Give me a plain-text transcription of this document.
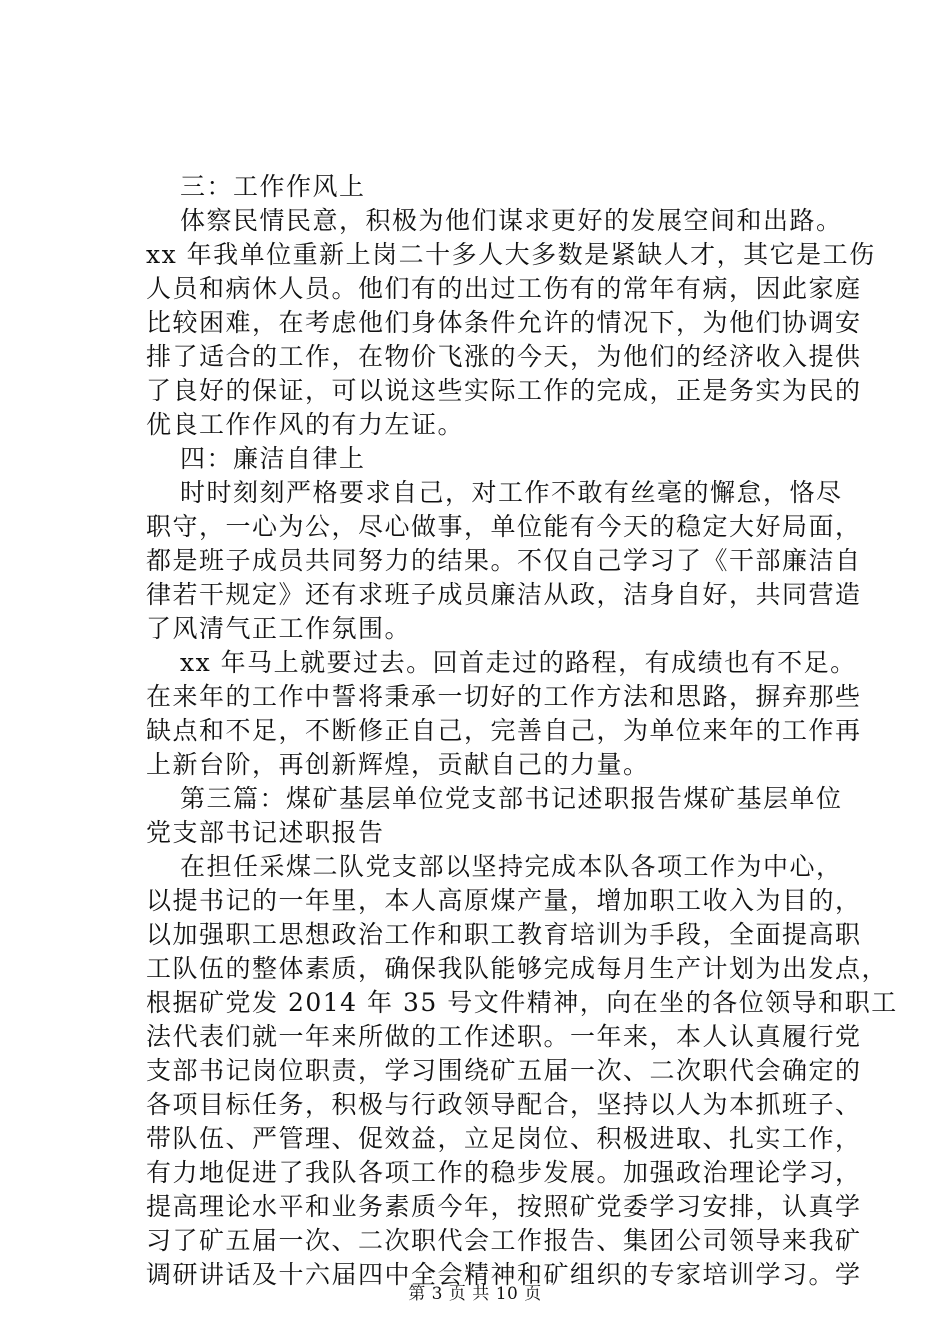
三：工作作风上
体察民情民意，积极为他们谋求更好的发展空间和出路。
xx 年我单位重新上岗二十多人大多数是紧缺人才，其它是工伤
人员和病休人员。他们有的出过工伤有的常年有病，因此家庭
比较困难，在考虑他们身体条件允许的情况下，为他们协调安
排了适合的工作，在物价飞涨的今天，为他们的经济收入提供
了良好的保证，可以说这些实际工作的完成，正是务实为民的
优良工作作风的有力左证。
四：廉洁自律上
时时刻刻严格要求自己，对工作不敢有丝毫的懈怠，恪尽
职守，一心为公，尽心做事，单位能有今天的稳定大好局面，
都是班子成员共同努力的结果。不仅自己学习了《干部廉洁自
律若干规定》还有求班子成员廉洁从政，洁身自好，共同营造
了风清气正工作氛围。
xx 年马上就要过去。回首走过的路程，有成绩也有不足。
在来年的工作中誓将秉承一切好的工作方法和思路，摒弃那些
缺点和不足，不断修正自己，完善自己，为单位来年的工作再
上新台阶，再创新辉煌，贡献自己的力量。
第三篇：煤矿基层单位党支部书记述职报告煤矿基层单位
党支部书记述职报告
在担任采煤二队党支部以坚持完成本队各项工作为中心，
以提书记的一年里，本人高原煤产量，增加职工收入为目的，
以加强职工思想政治工作和职工教育培训为手段，全面提高职
工队伍的整体素质，确保我队能够完成每月生产计划为出发点，
根据矿党发 2014 年 35 号文件精神，向在坐的各位领导和职工
法代表们就一年来所做的工作述职。一年来，本人认真履行党
支部书记岗位职责，学习围绕矿五届一次、二次职代会确定的
各项目标任务，积极与行政领导配合，坚持以人为本抓班子、
带队伍、严管理、促效益，立足岗位、积极进取、扎实工作，
有力地促进了我队各项工作的稳步发展。加强政治理论学习，
提高理论水平和业务素质今年，按照矿党委学习安排，认真学
习了矿五届一次、二次职代会工作报告、集团公司领导来我矿
调研讲话及十六届四中全会精神和矿组织的专家培训学习。学
第 3 页 共 10 页
